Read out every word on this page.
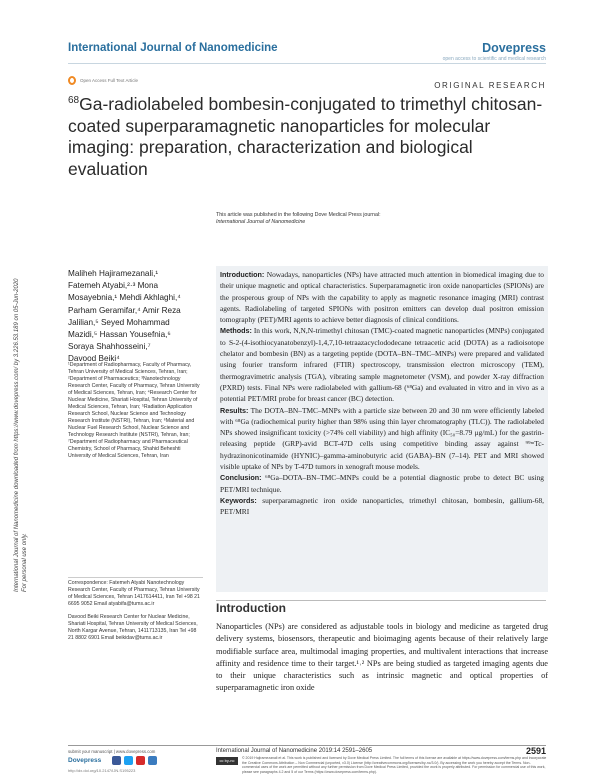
International Journal of Nanomedicine	Dovepress
open access to scientific and medical research
Open Access Full Text Article
ORIGINAL RESEARCH
$^{68}$Ga-radiolabeled bombesin-conjugated to trimethyl chitosan-coated superparamagnetic nanoparticles for molecular imaging: preparation, characterization and biological evaluation
This article was published in the following Dove Medical Press journal:
International Journal of Nanomedicine
International Journal of Nanomedicine downloaded from https://www.dovepress.com/ by 3.226.53.189 on 05-Jun-2020 For personal use only.
Maliheh Hajiramezanali,¹
Fatemeh Atyabi,²·³ Mona
Mosayebnia,¹ Mehdi Akhlaghi,⁴
Parham Geramifar,⁴ Amir Reza
Jalilian,⁵ Seyed Mohammad
Mazidi,⁵ Hassan Yousefnia,⁶
Soraya Shahhosseini,⁷
Davood Beiki⁴
¹Department of Radiopharmacy, Faculty of Pharmacy, Tehran University of Medical Sciences, Tehran, Iran; ²Department of Pharmaceutics; ³Nanotechnology Research Center, Faculty of Pharmacy, Tehran University of Medical Sciences, Tehran, Iran; ⁴Research Center for Nuclear Medicine, Shariati Hospital, Tehran University of Medical Sciences, Tehran, Iran; ⁵Radiation Application Research School, Nuclear Science and Technology Research Institute (NSTRI), Tehran, Iran; ⁶Material and Nuclear Fuel Research School, Nuclear Science and Technology Research Institute (NSTRI), Tehran, Iran; ⁷Department of Radiopharmacy and Pharmaceutical Chemistry, School of Pharmacy, Shahid Beheshti University of Medical Sciences, Tehran, Iran

Correspondence: Fatemeh Atyabi Nanotechnology Research Center, Faculty of Pharmacy, Tehran University of Medical Sciences, Tehran 1417614411, Iran Tel +98 21 6695 9052 Email atyabifa@tums.ac.ir

Davood Beiki Research Center for Nuclear Medicine, Shariati Hospital, Tehran University of Medical Sciences, North Kargar Avenue, Tehran, 1411713135, Iran Tel +98 21 8802 6901 Email beikidav@tums.ac.ir

Introduction: Nowadays, nanoparticles (NPs) have attracted much attention in biomedical imaging due to their unique magnetic and optical characteristics. Superparamagnetic iron oxide nanoparticles (SPIONs) are the prosperous group of NPs with the capability to apply as magnetic resonance imaging (MRI) contrast agents. Radiolabeling of targeted SPIONs with positron emitters can develop dual positron emission tomography (PET)/MRI agents to achieve better diagnosis of clinical conditions.

Methods: In this work, N,N,N-trimethyl chitosan (TMC)-coated magnetic nanoparticles (MNPs) conjugated to S-2-(4-isothiocyanatobenzyl)-1,4,7,10-tetraazacyclododecane tetraacetic acid (DOTA) as a radioisotope chelator and bombesin (BN) as a targeting peptide (DOTA–BN–TMC–MNPs) were prepared and validated using fourier transform infrared (FTIR) spectroscopy, transmission electron microscopy (TEM), thermogravimetric analysis (TGA), vibrating sample magnetometer (VSM), and powder X-ray diffraction (PXRD) tests. Final NPs were radiolabeled with gallium-68 (⁶⁸Ga) and evaluated in vitro and in vivo as a potential PET/MRI probe for breast cancer (BC) detection.

Results: The DOTA–BN–TMC–MNPs with a particle size between 20 and 30 nm were efficiently labeled with ⁶⁸Ga (radiochemical purity higher than 98% using thin layer chromatography (TLC)). The radiolabeled NPs showed insignificant toxicity (>74% cell viability) and high affinity (IC₅₀=8.79 μg/mL) for the gastrin-releasing peptide (GRP)-avid BCT-47D cells using competitive binding assay against ⁹⁹ᵐTc-hydrazinonicotinamide (HYNIC)–gamma-aminobutyric acid (GABA)–BN (7–14). PET and MRI showed visible uptake of NPs by T-47D tumors in xenograft mouse models.

Conclusion: ⁶⁸Ga–DOTA–BN–TMC–MNPs could be a potential diagnostic probe to detect BC using PET/MRI technique.

Keywords: superparamagnetic iron oxide nanoparticles, trimethyl chitosan, bombesin, gallium-68, PET/MRI

Introduction
Nanoparticles (NPs) are considered as adjustable tools in biology and medicine as targeted drug delivery systems, biosensors, therapeutic and bioimaging agents because of their relatively large modifiable surface area, multimodal imaging properties, and multivalent interactions that increase affinity and residence time to their target.¹˒² NPs are being studied as targeted imaging agents due to their unique characteristics such as intrinsic magnetic and optical properties of superparamagnetic iron oxide
submit your manuscript | www.dovepress.com
Dovepress
http://dx.doi.org/10.2147/IJN.S195223
International Journal of Nanomedicine 2019:14 2591–2605	2591
cc by-nc	© 2019 Hajiramezanali et al. This work is published and licensed by Dove Medical Press Limited. The full terms of this license are available at https://www.dovepress.com/terms.php and incorporate the Creative Commons Attribution – Non Commercial (unported, v3.0) License (http://creativecommons.org/licenses/by-nc/3.0/). By accessing the work you hereby accept the Terms. Non-commercial uses of the work are permitted without any further permission from Dove Medical Press Limited, provided the work is properly attributed. For permission for commercial use of this work, please see paragraphs 4.2 and 5 of our Terms (https://www.dovepress.com/terms.php).
